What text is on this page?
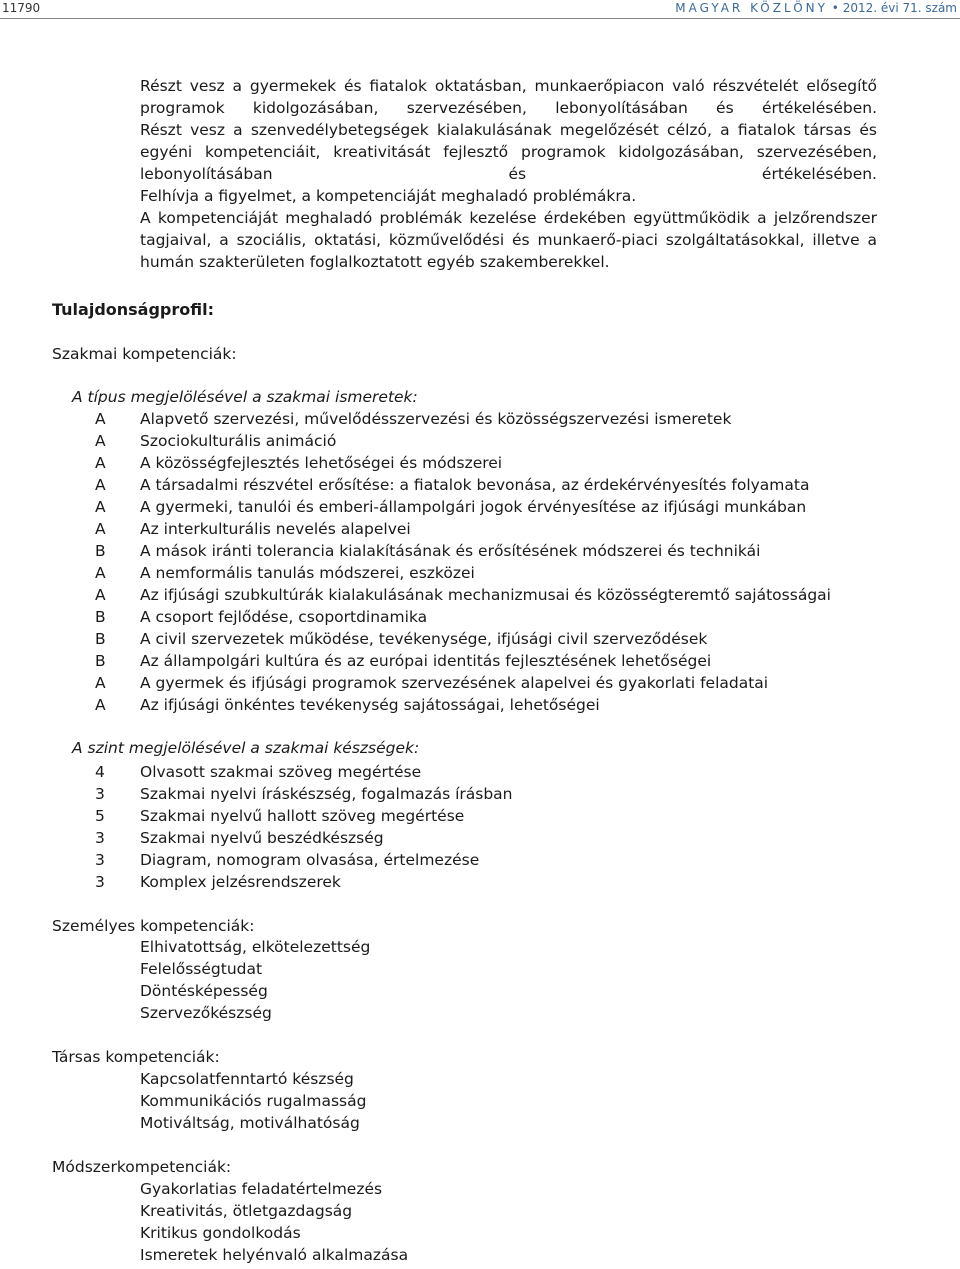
11790	MAGYAR KÖZLÖNY • 2012. évi 71. szám

Részt vesz a gyermekek és fiatalok oktatásban, munkaerőpiacon való részvételét elősegítő programok kidolgozásában, szervezésében, lebonyolításában és értékelésében.

Részt vesz a szenvedélybetegségek kialakulásának megelőzését célzó, a fiatalok társas és egyéni kompetenciáit, kreativitását fejlesztő programok kidolgozásában, szervezésében, lebonyolításában és értékelésében.

Felhívja a figyelmet, a kompetenciáját meghaladó problémákra.

A kompetenciáját meghaladó problémák kezelése érdekében együttműködik a jelzőrendszer tagjaival, a szociális, oktatási, közművelődési és munkaerő-piaci szolgáltatásokkal, illetve a humán szakterületen foglalkoztatott egyéb szakemberekkel.

Tulajdonságprofil:
Szakmai kompetenciák:
A típus megjelölésével a szakmai ismeretek:
A Alapvető szervezési, művelődésszervezési és közösségszervezési ismeretek
A Szociokulturális animáció
A A közösségfejlesztés lehetőségei és módszerei
A A társadalmi részvétel erősítése: a fiatalok bevonása, az érdekérvényesítés folyamata
A A gyermeki, tanulói és emberi-állampolgári jogok érvényesítése az ifjúsági munkában
A Az interkulturális nevelés alapelvei
B A mások iránti tolerancia kialakításának és erősítésének módszerei és technikái
A A nemformális tanulás módszerei, eszközei
A Az ifjúsági szubkultúrák kialakulásának mechanizmusai és közösségteremtő sajátosságai
B A csoport fejlődése, csoportdinamika
B A civil szervezetek működése, tevékenysége, ifjúsági civil szerveződések
B Az állampolgári kultúra és az európai identitás fejlesztésének lehetőségei
A A gyermek és ifjúsági programok szervezésének alapelvei és gyakorlati feladatai
A Az ifjúsági önkéntes tevékenység sajátosságai, lehetőségei
A szint megjelölésével a szakmai készségek:
4 Olvasott szakmai szöveg megértése
3 Szakmai nyelvi íráskészség, fogalmazás írásban
5 Szakmai nyelvű hallott szöveg megértése
3 Szakmai nyelvű beszédkészség
3 Diagram, nomogram olvasása, értelmezése
3 Komplex jelzésrendszerek
Személyes kompetenciák:
Elhivatottság, elkötelezettség
Felelősségtudat
Döntésképesség
Szervezőkészség
Társas kompetenciák:
Kapcsolatfenntartó készség
Kommunikációs rugalmasság
Motiváltság, motiválhatóság
Módszerkompetenciák:
Gyakorlatias feladatértelmezés
Kreativitás, ötletgazdagság
Kritikus gondolkodás
Ismeretek helyénvaló alkalmazása
